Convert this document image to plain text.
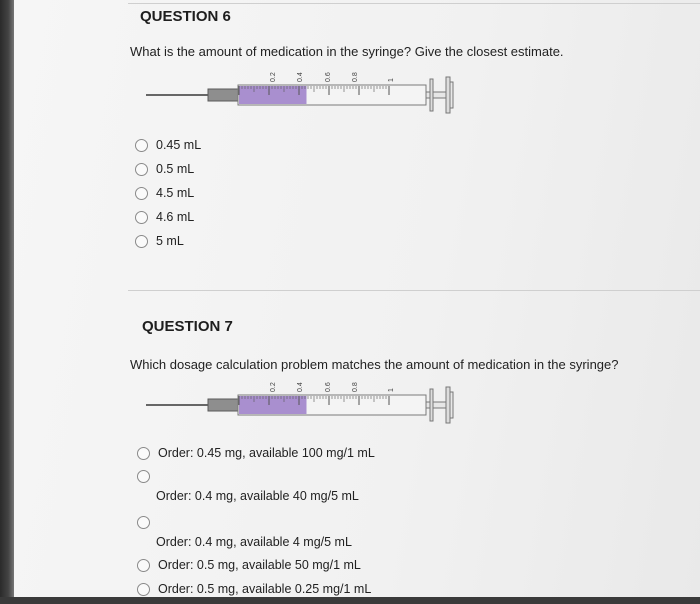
QUESTION 6
What is the amount of medication in the syringe? Give the closest estimate.
0.2	0.4	0.6	0.8	1
0.45 mL
0.5 mL
4.5 mL
4.6 mL
5 mL
QUESTION 7
Which dosage calculation problem matches the amount of medication in the syringe?
0.2	0.4	0.6	0.8	1
Order: 0.45 mg, available 100 mg/1 mL
Order: 0.4 mg, available 40 mg/5 mL
Order: 0.4 mg, available 4 mg/5 mL
Order: 0.5 mg, available 50 mg/1 mL
Order: 0.5 mg, available 0.25 mg/1 mL
